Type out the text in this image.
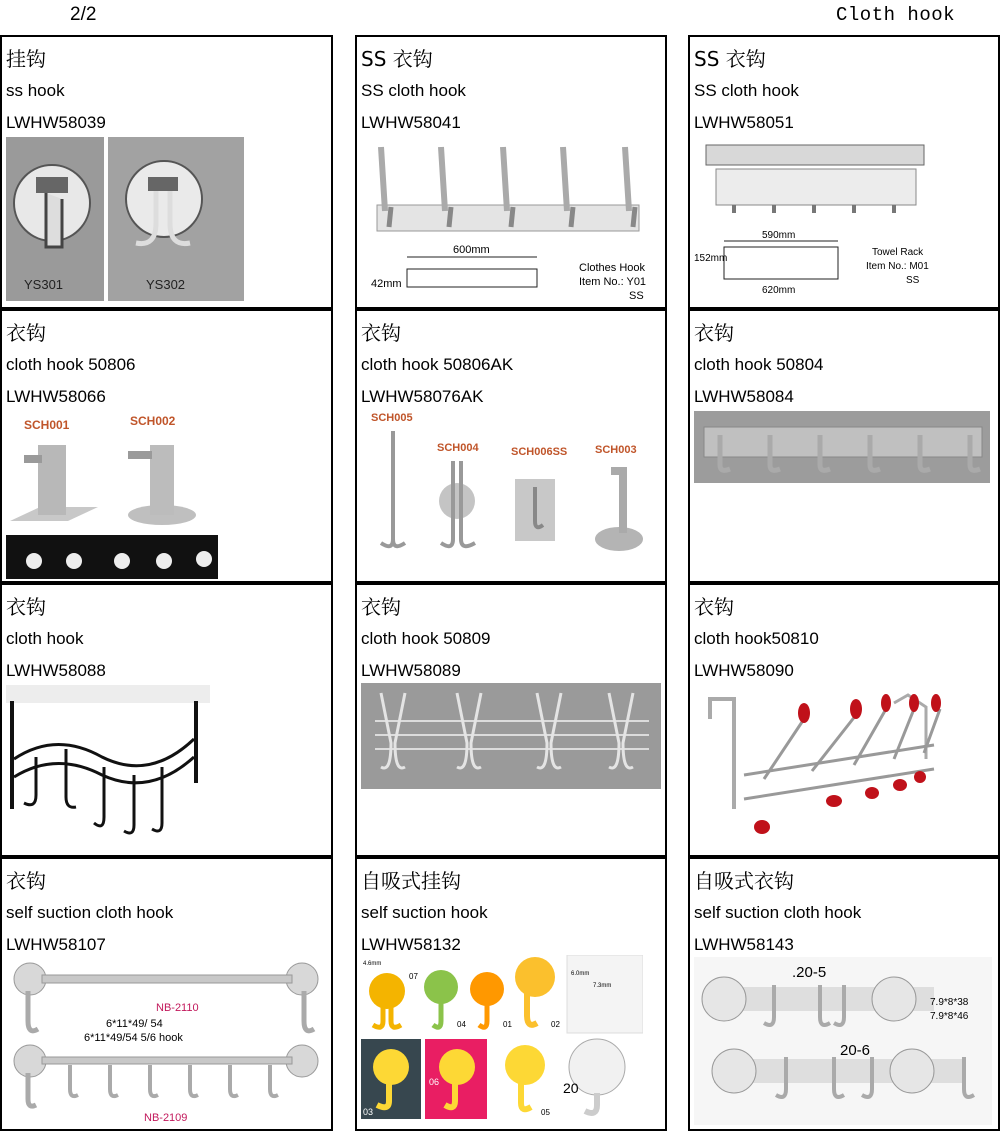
2/2	Cloth hook
挂钩
ss hook
LWHW58039
YS301	YS302
SS 衣钩
SS cloth hook
LWHW58041
600mm
42mm
Clothes Hook
Item No.: Y01
SS
SS 衣钩
SS cloth hook
LWHW58051
590mm
152mm
620mm
Towel Rack
Item No.: M01
SS
衣钩
cloth hook 50806
LWHW58066
SCH001	SCH002
衣钩
cloth hook 50806AK
LWHW58076AK
SCH005
SCH004	SCH006SS	SCH003
衣钩
cloth hook 50804
LWHW58084
衣钩
cloth hook
LWHW58088
衣钩
cloth hook 50809
LWHW58089
衣钩
cloth hook50810
LWHW58090
衣钩
self suction cloth hook
LWHW58107
NB-2110
6*11*49/ 54
6*11*49/54 5/6 hook
NB-2109
自吸式挂钩
self suction hook
LWHW58132
4.6mm
07
04	01	02
6.0mm
7.3mm
03
06
05
20
自吸式衣钩
self suction cloth hook
LWHW58143
.20-5
7.9*8*38
7.9*8*46
20-6
